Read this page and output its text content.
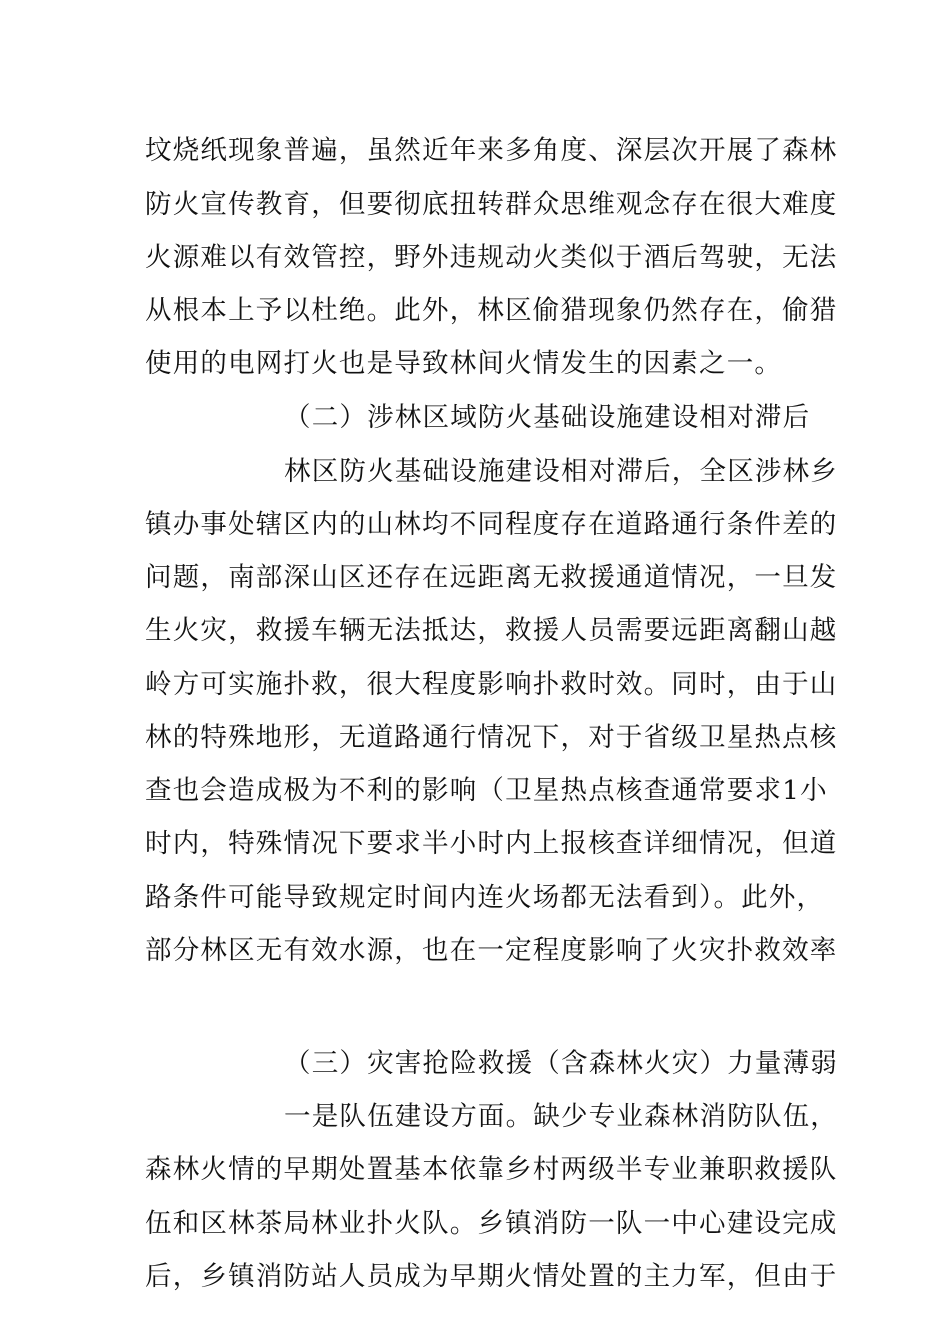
坟烧纸现象普遍，虽然近年来多角度、深层次开展了森林
防火宣传教育，但要彻底扭转群众思维观念存在很大难度
火源难以有效管控，野外违规动火类似于酒后驾驶，无法
从根本上予以杜绝。此外，林区偷猎现象仍然存在，偷猎
使用的电网打火也是导致林间火情发生的因素之一。
（二）涉林区域防火基础设施建设相对滞后
林区防火基础设施建设相对滞后，全区涉林乡
镇办事处辖区内的山林均不同程度存在道路通行条件差的
问题，南部深山区还存在远距离无救援通道情况，一旦发
生火灾，救援车辆无法抵达，救援人员需要远距离翻山越
岭方可实施扑救，很大程度影响扑救时效。同时，由于山
林的特殊地形，无道路通行情况下，对于省级卫星热点核
查也会造成极为不利的影响（卫星热点核查通常要求1小
时内，特殊情况下要求半小时内上报核查详细情况，但道
路条件可能导致规定时间内连火场都无法看到）。此外，
部分林区无有效水源，也在一定程度影响了火灾扑救效率
（三）灾害抢险救援（含森林火灾）力量薄弱
一是队伍建设方面。缺少专业森林消防队伍，
森林火情的早期处置基本依靠乡村两级半专业兼职救援队
伍和区林茶局林业扑火队。乡镇消防一队一中心建设完成
后，乡镇消防站人员成为早期火情处置的主力军，但由于
